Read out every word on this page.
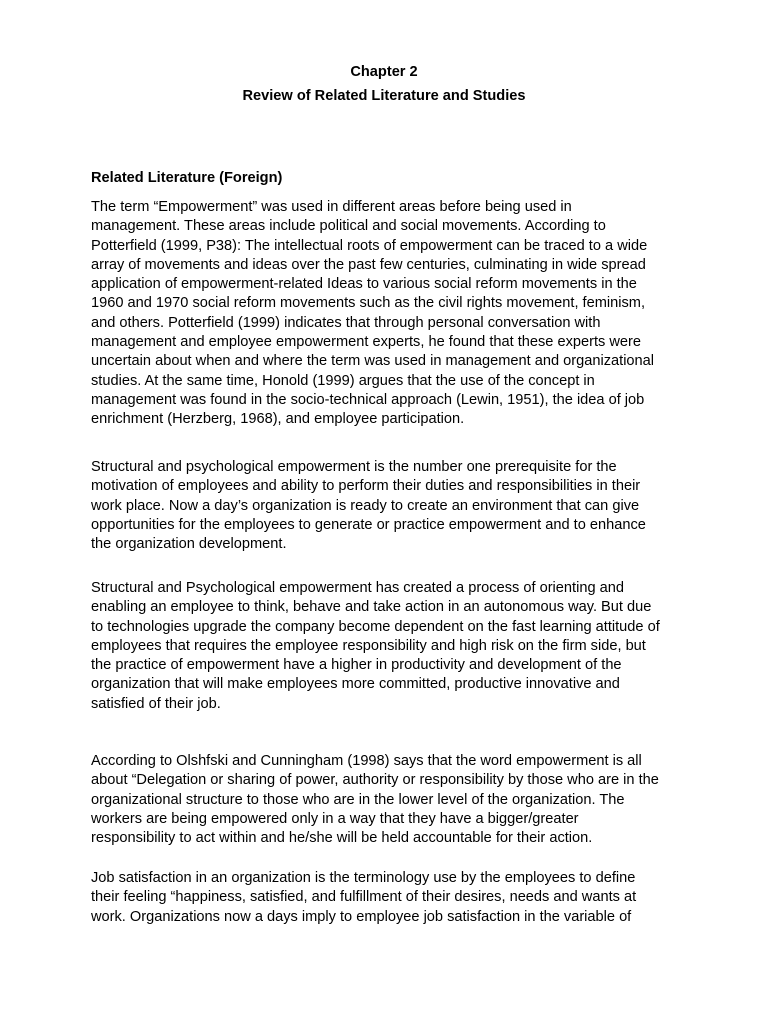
Chapter 2
Review of Related Literature and Studies
Related Literature (Foreign)

The term “Empowerment” was used in different areas before being used in
management. These areas include political and social movements. According to
Potterfield (1999, P38): The intellectual roots of empowerment can be traced to a wide
array of movements and ideas over the past few centuries, culminating in wide spread
application of empowerment-related Ideas to various social reform movements in the
1960 and 1970 social reform movements such as the civil rights movement, feminism,
and others. Potterfield (1999) indicates that through personal conversation with
management and employee empowerment experts, he found that these experts were
uncertain about when and where the term was used in management and organizational
studies. At the same time, Honold (1999) argues that the use of the concept in
management was found in the socio-technical approach (Lewin, 1951), the idea of job
enrichment (Herzberg, 1968), and employee participation.

Structural and psychological empowerment is the number one prerequisite for the
motivation of employees and ability to perform their duties and responsibilities in their
work place. Now a day’s organization is ready to create an environment that can give
opportunities for the employees to generate or practice empowerment and to enhance
the organization development.

Structural and Psychological empowerment has created a process of orienting and
enabling an employee to think, behave and take action in an autonomous way. But due
to technologies upgrade the company become dependent on the fast learning attitude of
employees that requires the employee responsibility and high risk on the firm side, but
the practice of empowerment have a higher in productivity and development of the
organization that will make employees more committed, productive innovative and
satisfied of their job.

According to Olshfski and Cunningham (1998) says that the word empowerment is all
about “Delegation or sharing of power, authority or responsibility by those who are in the
organizational structure to those who are in the lower level of the organization. The
workers are being empowered only in a way that they have a bigger/greater
responsibility to act within and he/she will be held accountable for their action.

Job satisfaction in an organization is the terminology use by the employees to define
their feeling “happiness, satisfied, and fulfillment of their desires, needs and wants at
work. Organizations now a days imply to employee job satisfaction in the variable of
